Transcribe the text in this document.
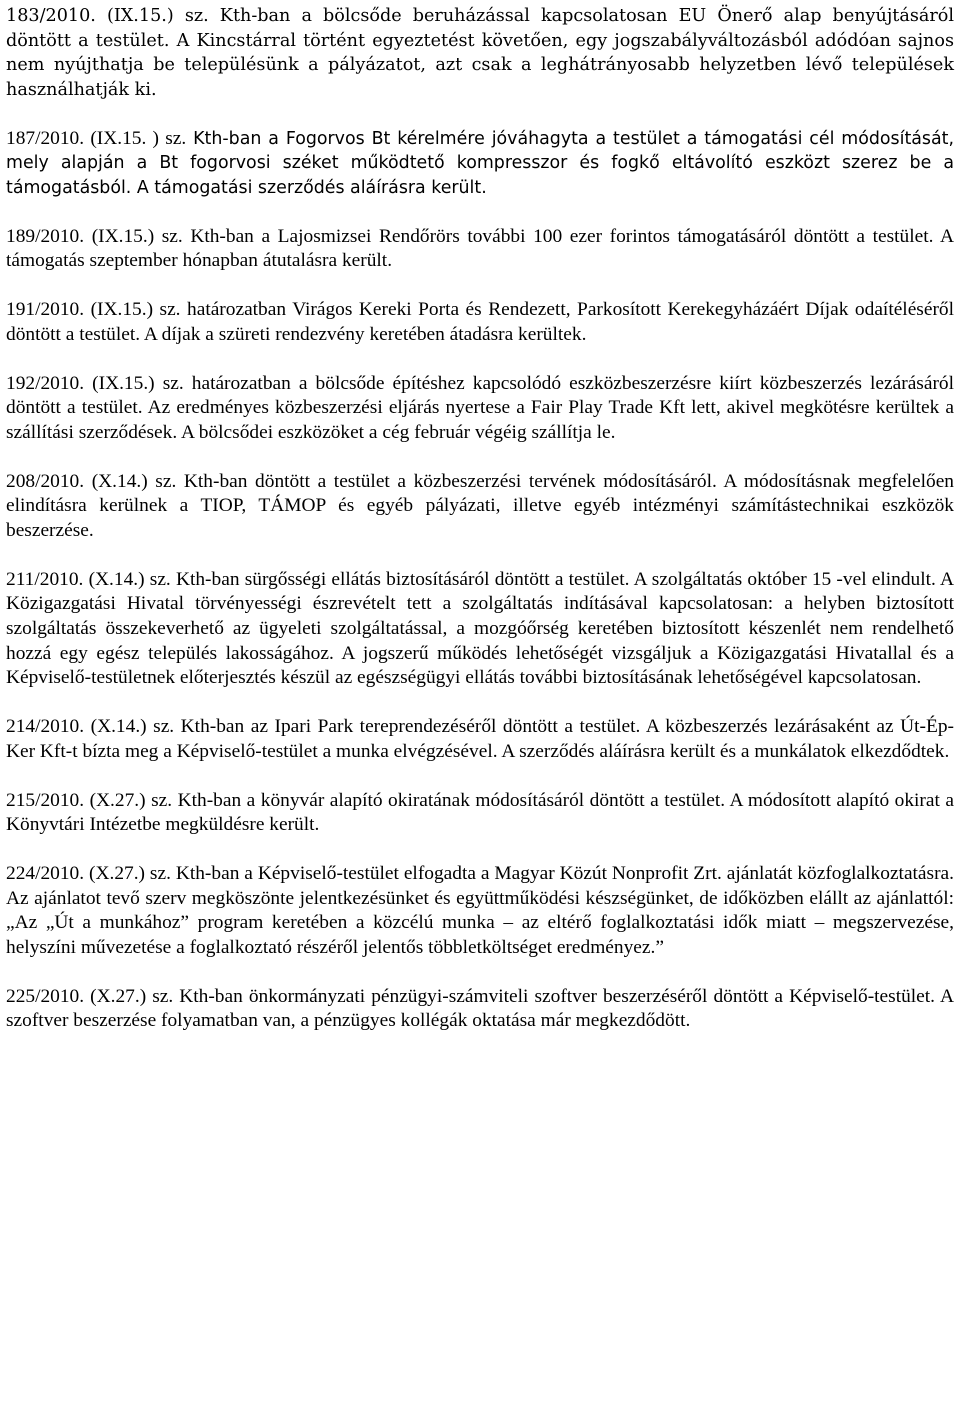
183/2010. (IX.15.) sz. Kth-ban a bölcsőde beruházással kapcsolatosan EU Önerő alap benyújtásáról döntött a testület. A Kincstárral történt egyeztetést követően, egy jogszabályváltozásból adódóan sajnos nem nyújthatja be településünk a pályázatot, azt csak a leghátrányosabb helyzetben lévő települések használhatják ki.

187/2010. (IX.15. ) sz. Kth-ban a Fogorvos Bt kérelmére jóváhagyta a testület a támogatási cél módosítását, mely alapján a Bt fogorvosi széket működtető kompresszor és fogkő eltávolító eszközt szerez be a támogatásból. A támogatási szerződés aláírásra került.

189/2010. (IX.15.) sz. Kth-ban a Lajosmizsei Rendőrörs további 100 ezer forintos támogatásáról döntött a testület. A támogatás szeptember hónapban átutalásra került.

191/2010. (IX.15.) sz. határozatban Virágos Kereki Porta és Rendezett, Parkosított Kerekegyházáért Díjak odaítéléséről döntött a testület. A díjak a szüreti rendezvény keretében átadásra kerültek.

192/2010. (IX.15.) sz. határozatban a bölcsőde építéshez kapcsolódó eszközbeszerzésre kiírt közbeszerzés lezárásáról döntött a testület. Az eredményes közbeszerzési eljárás nyertese a Fair Play Trade Kft lett, akivel megkötésre kerültek a szállítási szerződések. A bölcsődei eszközöket a cég február végéig szállítja le.

208/2010. (X.14.) sz. Kth-ban döntött a testület a közbeszerzési tervének módosításáról. A módosításnak megfelelően elindításra kerülnek a TIOP, TÁMOP és egyéb pályázati, illetve egyéb intézményi számítástechnikai eszközök beszerzése.

211/2010. (X.14.) sz. Kth-ban sürgősségi ellátás biztosításáról döntött a testület. A szolgáltatás október 15 -vel elindult. A Közigazgatási Hivatal törvényességi észrevételt tett a szolgáltatás indításával kapcsolatosan: a helyben biztosított szolgáltatás összekeverhető az ügyeleti szolgáltatással, a mozgóőrség keretében biztosított készenlét nem rendelhető hozzá egy egész település lakosságához. A jogszerű működés lehetőségét vizsgáljuk a Közigazgatási Hivatallal és a Képviselő-testületnek előterjesztés készül az egészségügyi ellátás további biztosításának lehetőségével kapcsolatosan.

214/2010. (X.14.) sz. Kth-ban az Ipari Park tereprendezéséről döntött a testület. A közbeszerzés lezárásaként az Út-Ép-Ker Kft-t bízta meg a Képviselő-testület a munka elvégzésével. A szerződés aláírásra került és a munkálatok elkezdődtek.

215/2010. (X.27.) sz. Kth-ban a könyvár alapító okiratának módosításáról döntött a testület. A módosított alapító okirat a Könyvtári Intézetbe megküldésre került.

224/2010. (X.27.) sz. Kth-ban a Képviselő-testület elfogadta a Magyar Közút Nonprofit Zrt. ajánlatát közfoglalkoztatásra. Az ajánlatot tevő szerv megköszönte jelentkezésünket és együttműködési készségünket, de időközben elállt az ajánlattól: „Az „Út a munkához” program keretében a közcélú munka – az eltérő foglalkoztatási idők miatt – megszervezése, helyszíni művezetése a foglalkoztató részéről jelentős többletköltséget eredményez.”

225/2010. (X.27.) sz. Kth-ban önkormányzati pénzügyi-számviteli szoftver beszerzéséről döntött a Képviselő-testület. A szoftver beszerzése folyamatban van, a pénzügyes kollégák oktatása már megkezdődött.
